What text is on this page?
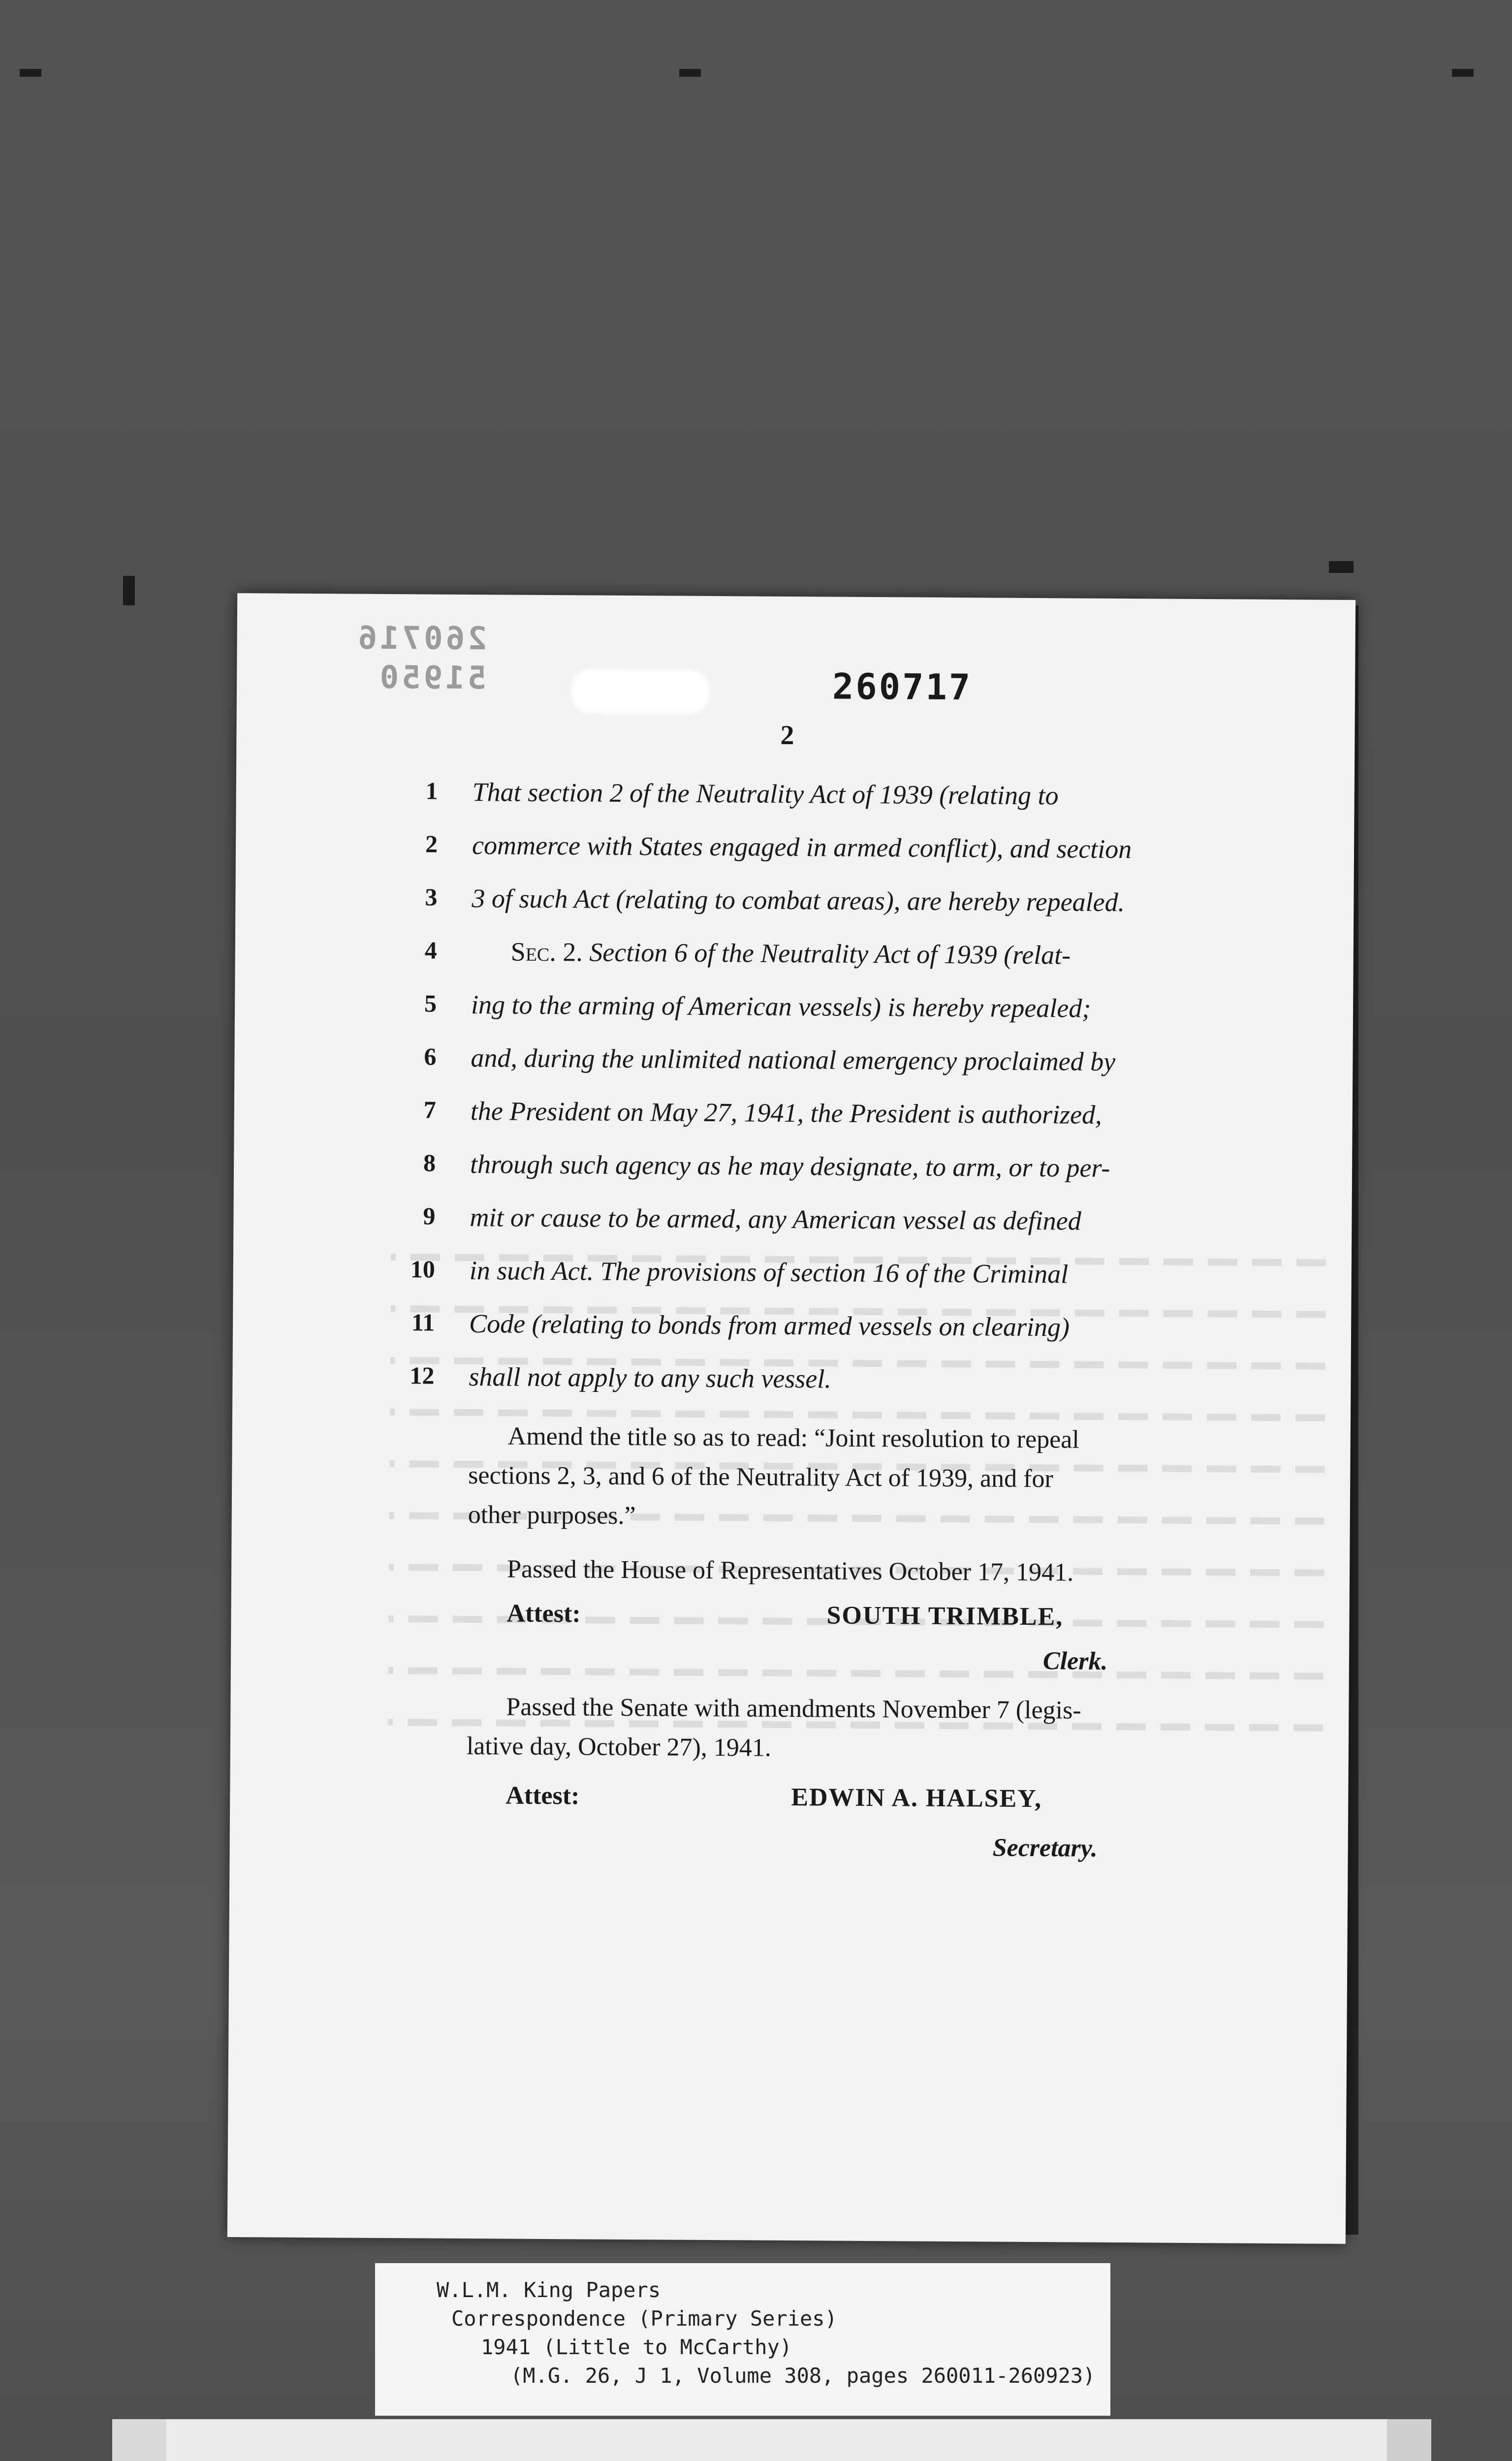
260716
51950	260717
2
1 That section 2 of the Neutrality Act of 1939 (relating to
2 commerce with States engaged in armed conflict), and section
3 3 of such Act (relating to combat areas), are hereby repealed.
4	Sec. 2. Section 6 of the Neutrality Act of 1939 (relat-
5 ing to the arming of American vessels) is hereby repealed;
6 and, during the unlimited national emergency proclaimed by
7 the President on May 27, 1941, the President is authorized,
8 through such agency as he may designate, to arm, or to per-
9 mit or cause to be armed, any American vessel as defined
10 in such Act. The provisions of section 16 of the Criminal
11 Code (relating to bonds from armed vessels on clearing)
12 shall not apply to any such vessel.
Amend the title so as to read: “Joint resolution to repeal
sections 2, 3, and 6 of the Neutrality Act of 1939, and for
other purposes.”
Passed the House of Representatives October 17, 1941.
Attest:	SOUTH TRIMBLE,
Clerk.
Passed the Senate with amendments November 7 (legis-
lative day, October 27), 1941.
Attest:	EDWIN A. HALSEY,
Secretary.
W.L.M. King Papers
Correspondence (Primary Series)
1941 (Little to McCarthy)
(M.G. 26, J 1, Volume 308, pages 260011-260923)
